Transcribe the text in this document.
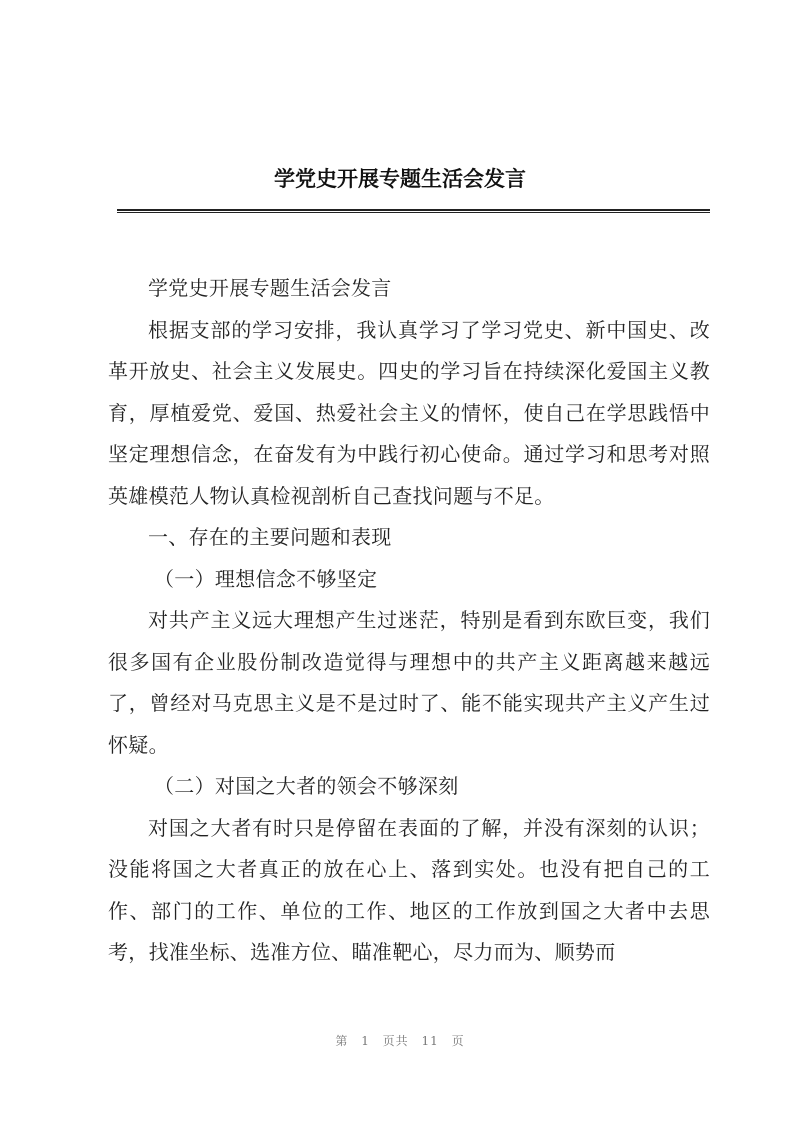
学党史开展专题生活会发言

学党史开展专题生活会发言

根据支部的学习安排，我认真学习了学习党史、新中国史、改革开放史、社会主义发展史。四史的学习旨在持续深化爱国主义教育，厚植爱党、爱国、热爱社会主义的情怀，使自己在学思践悟中坚定理想信念，在奋发有为中践行初心使命。通过学习和思考对照英雄模范人物认真检视剖析自己查找问题与不足。

一、存在的主要问题和表现

（一）理想信念不够坚定

对共产主义远大理想产生过迷茫，特别是看到东欧巨变，我们很多国有企业股份制改造觉得与理想中的共产主义距离越来越远了，曾经对马克思主义是不是过时了、能不能实现共产主义产生过怀疑。

（二）对国之大者的领会不够深刻

对国之大者有时只是停留在表面的了解，并没有深刻的认识；没能将国之大者真正的放在心上、落到实处。也没有把自己的工作、部门的工作、单位的工作、地区的工作放到国之大者中去思考，找准坐标、选准方位、瞄准靶心，尽力而为、顺势而

第 1 页共 11 页
